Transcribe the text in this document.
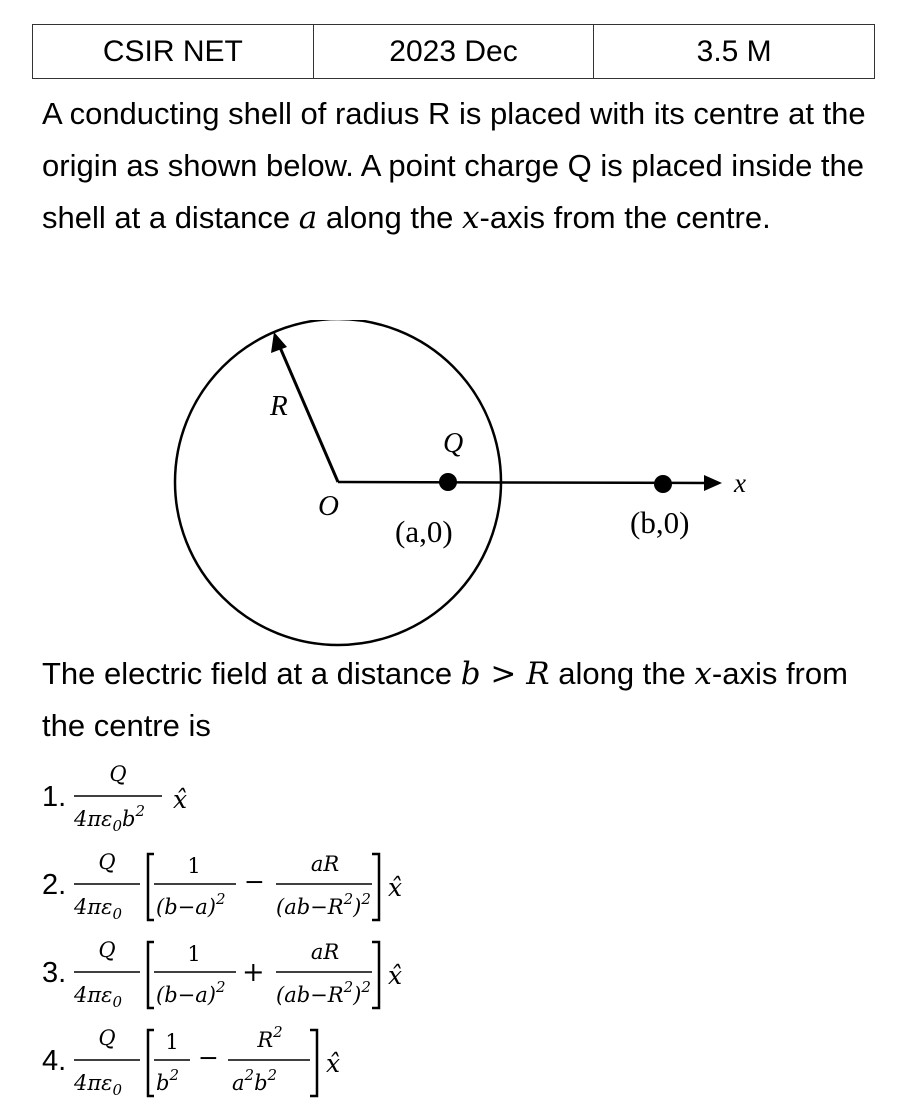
CSIR NET	2023 Dec	3.5 M

A conducting shell of radius R is placed with its centre at the origin as shown below. A point charge Q is placed inside the shell at a distance a along the x-axis from the centre.

R
Q
O
(a,0)	(b,0)
x

The electric field at a distance b > R along the x-axis from the centre is

1.
Q
$4\pi\varepsilon_0b^2$ x̂
2.
Q
$4\pi\varepsilon_0$
1
$(b-a)^2$
−
aR
$(ab-R^2)^2$ x̂
3.
Q
$4\pi\varepsilon_0$
1
$(b-a)^2$ +
aR
$(ab-R^2)^2$ x̂
4.
Q
$4\pi\varepsilon_0$
1
$b^2$
−
$R^2$
$a^2b^2$ x̂
